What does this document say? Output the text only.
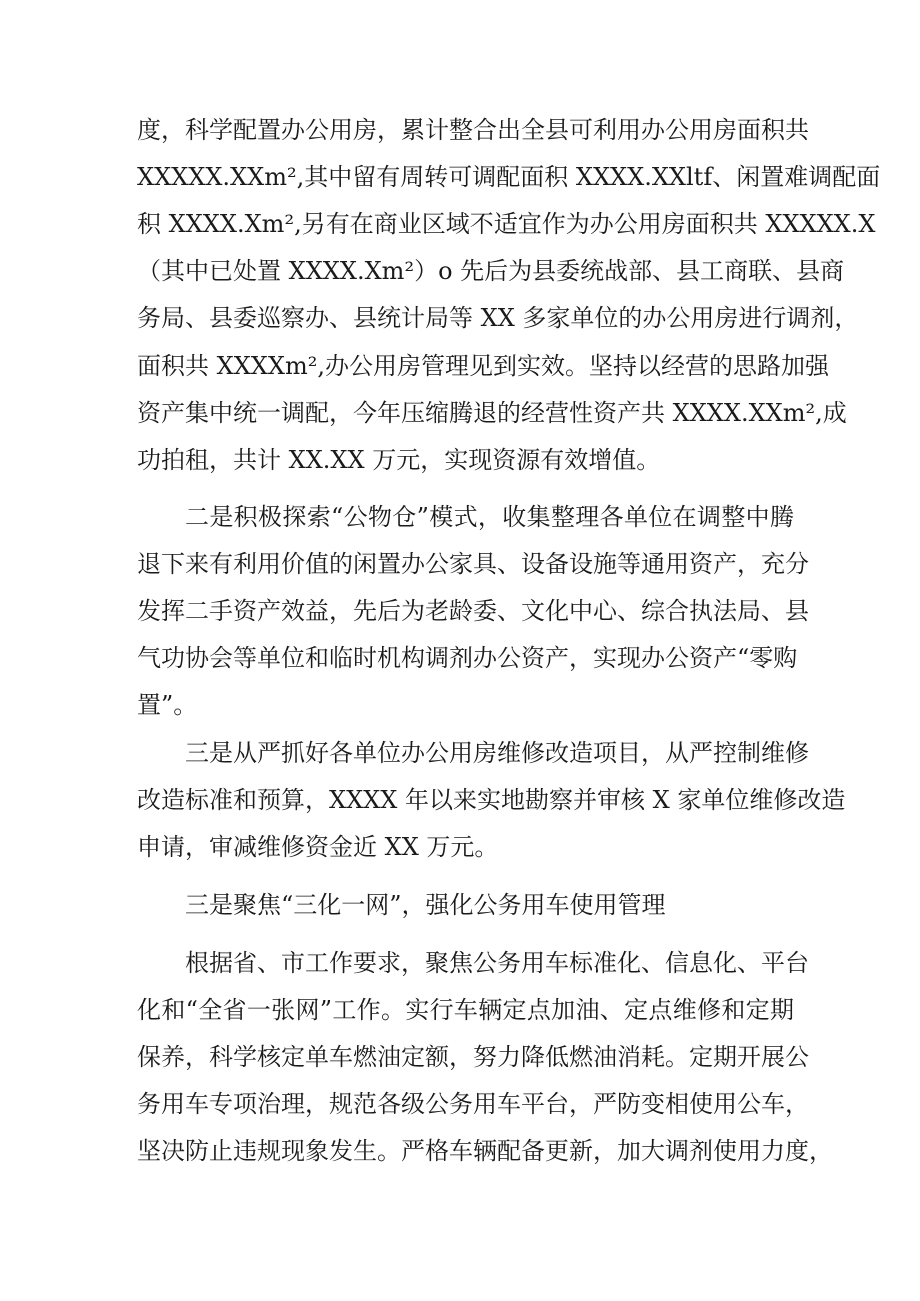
度，科学配置办公用房，累计整合出全县可利用办公用房面积共
XXXXX.XXm²,其中留有周转可调配面积 XXXX.XXltf、闲置难调配面
积 XXXX.Xm²,另有在商业区域不适宜作为办公用房面积共 XXXXX.X
（其中已处置 XXXX.Xm²）o 先后为县委统战部、县工商联、县商
务局、县委巡察办、县统计局等 XX 多家单位的办公用房进行调剂，
面积共 XXXXm²,办公用房管理见到实效。坚持以经营的思路加强
资产集中统一调配，今年压缩腾退的经营性资产共 XXXX.XXm²,成
功拍租，共计 XX.XX 万元，实现资源有效增值。
二是积极探索“公物仓”模式，收集整理各单位在调整中腾
退下来有利用价值的闲置办公家具、设备设施等通用资产，充分
发挥二手资产效益，先后为老龄委、文化中心、综合执法局、县
气功协会等单位和临时机构调剂办公资产，实现办公资产“零购
置”。
三是从严抓好各单位办公用房维修改造项目，从严控制维修
改造标准和预算，XXXX 年以来实地勘察并审核 X 家单位维修改造
申请，审减维修资金近 XX 万元。
三是聚焦“三化一网”，强化公务用车使用管理
根据省、市工作要求，聚焦公务用车标准化、信息化、平台
化和“全省一张网”工作。实行车辆定点加油、定点维修和定期
保养，科学核定单车燃油定额，努力降低燃油消耗。定期开展公
务用车专项治理，规范各级公务用车平台，严防变相使用公车，
坚决防止违规现象发生。严格车辆配备更新，加大调剂使用力度，
